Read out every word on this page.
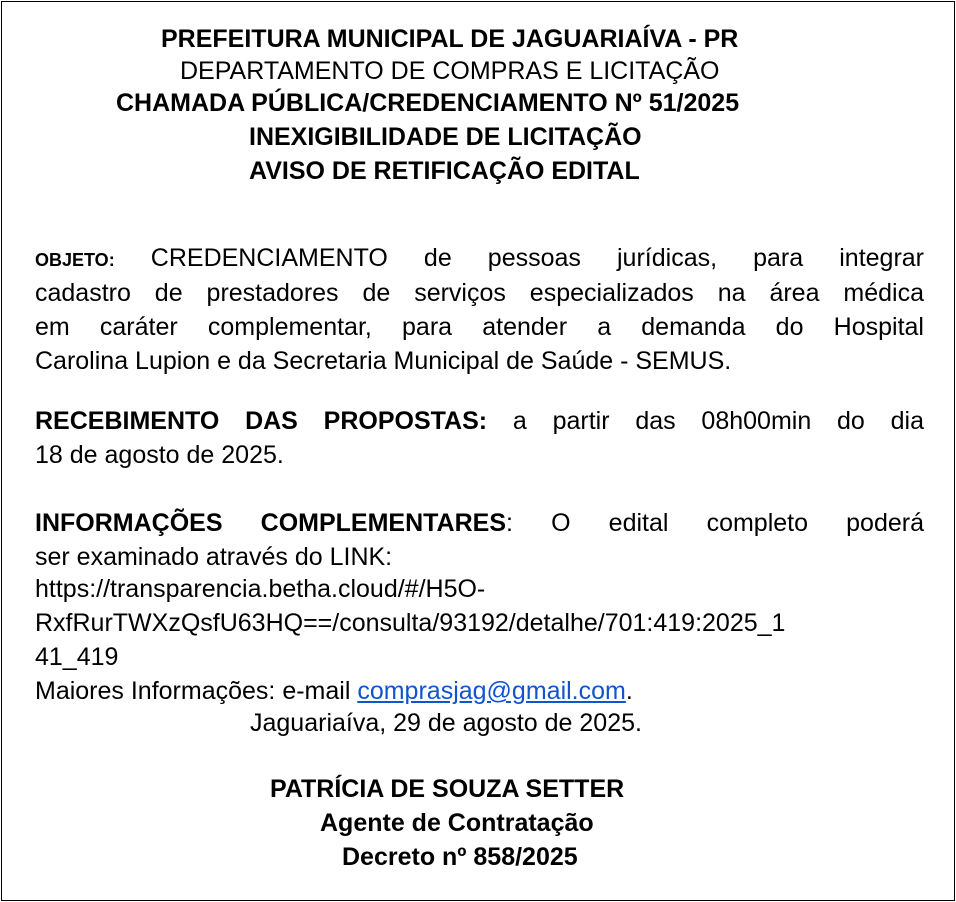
PREFEITURA MUNICIPAL DE JAGUARIAÍVA - PR
DEPARTAMENTO DE COMPRAS E LICITAÇÃO
CHAMADA PÚBLICA/CREDENCIAMENTO Nº 51/2025
INEXIGIBILIDADE DE LICITAÇÃO
AVISO DE RETIFICAÇÃO EDITAL
OBJETO: CREDENCIAMENTO de pessoas jurídicas, para integrar
cadastro de prestadores de serviços especializados na área médica
em caráter complementar, para atender a demanda do Hospital
Carolina Lupion e da Secretaria Municipal de Saúde - SEMUS.
RECEBIMENTO DAS PROPOSTAS: a partir das 08h00min do dia
18 de agosto de 2025.
INFORMAÇÕES COMPLEMENTARES: O edital completo poderá
ser examinado através do LINK:
https://transparencia.betha.cloud/#/H5O-
RxfRurTWXzQsfU63HQ==/consulta/93192/detalhe/701:419:2025_1
41_419
Maiores Informações: e-mail comprasjag@gmail.com.
Jaguariaíva, 29 de agosto de 2025.
PATRÍCIA DE SOUZA SETTER
Agente de Contratação
Decreto nº 858/2025
